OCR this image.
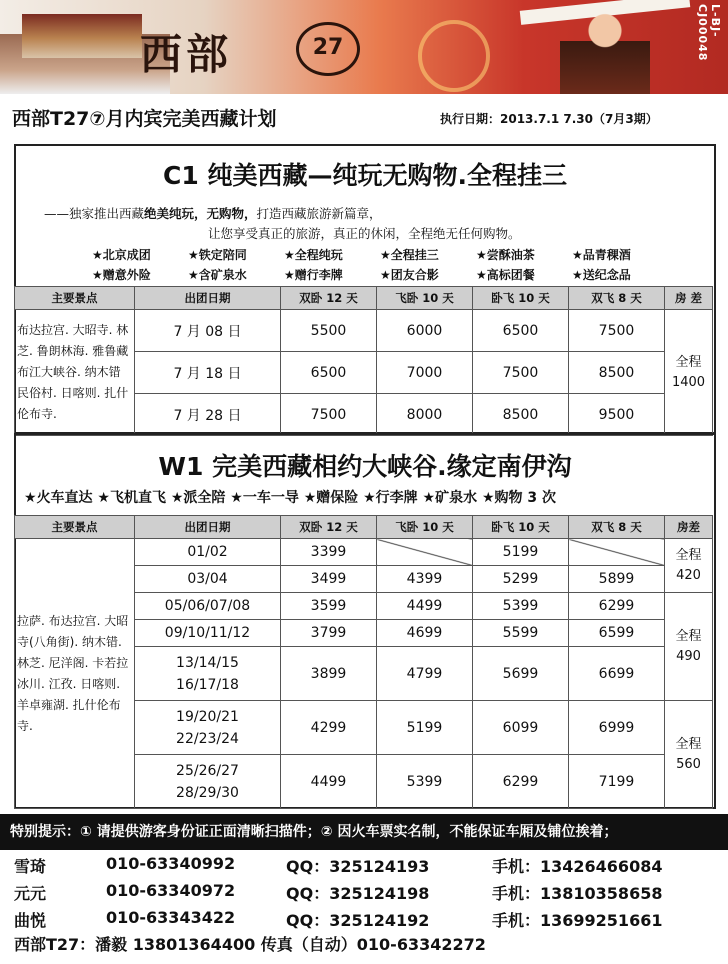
西部	27
L-BJ-CJ00048
西部T27⑦月内宾完美西藏计划	执行日期：2013.7.1 7.30（7月3期）
C1 纯美西藏—纯玩无购物.全程挂三
——独家推出西藏绝美纯玩，无购物，打造西藏旅游新篇章，
让您享受真正的旅游，真正的休闲，全程绝无任何购物。
★北京成团	★铁定陪同	★全程纯玩	★全程挂三	★尝酥油茶	★品青稞酒
★赠意外险	★含矿泉水	★赠行李牌	★团友合影	★高标团餐	★送纪念品
主要景点	出团日期	双卧 12 天	飞卧 10 天	卧飞 10 天	双飞 8 天	房 差
布达拉宫. 大昭寺. 林芝. 鲁朗林海. 雅鲁藏布江大峡谷. 纳木错民俗村. 日喀则. 扎什伦布寺.	7 月 08 日	5500	6000	6500	7500	全程 1400
	7 月 18 日	6500	7000	7500	8500	
	7 月 28 日	7500	8000	8500	9500	
W1 完美西藏相约大峡谷.缘定南伊沟
★火车直达 ★飞机直飞 ★派全陪 ★一车一导 ★赠保险 ★行李牌 ★矿泉水 ★购物 3 次
主要景点	出团日期	双卧 12 天	飞卧 10 天	卧飞 10 天	双飞 8 天	房差
拉萨. 布达拉宫. 大昭寺(八角街). 纳木错. 林芝. 尼洋阁. 卡若拉冰川. 江孜. 日喀则. 羊卓雍湖. 扎什伦布寺.	01/02	3399		5199		全程 420
	03/04	3499	4399	5299	5899	
	05/06/07/08	3599	4499	5399	6299	全程 490
	09/10/11/12	3799	4699	5599	6599	
	13/14/15 16/17/18	3899	4799	5699	6699	
	19/20/21 22/23/24	4299	5199	6099	6999	全程 560
	25/26/27 28/29/30	4499	5399	6299	7199	
特别提示：① 请提供游客身份证正面清晰扫描件；② 因火车票实名制，不能保证车厢及铺位挨着；
雪琦	010-63340992	QQ：325124193	手机：13426466084
元元	010-63340972	QQ：325124198	手机：13810358658
曲悦	010-63343422	QQ：325124192	手机：13699251661
西部T27：潘毅 13801364400 传真（自动）010-63342272
